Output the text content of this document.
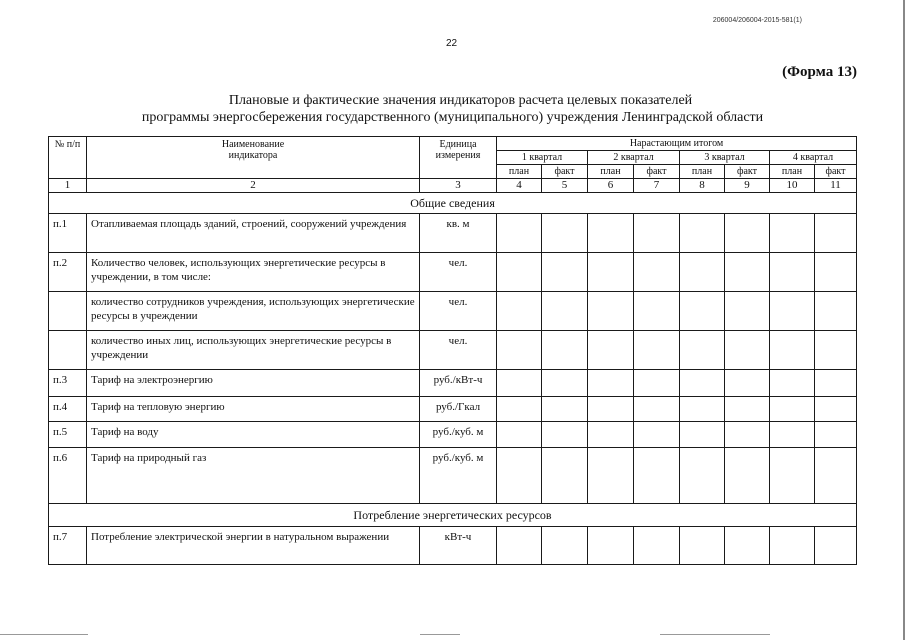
206004/206004-2015-581(1)
22
(Форма 13)
Плановые и фактические значения индикаторов расчета целевых показателей
программы энергосбережения государственного (муниципального) учреждения Ленинградской области
№ п/п	Наименование индикатора	Единица измерения	Нарастающим итогом							
			1 квартал		2 квартал		3 квартал		4 квартал	
			план	факт	план	факт	план	факт	план	факт
1	2	3	4	5	6	7	8	9	10	11
Общие сведения										
п.1	Отапливаемая площадь зданий, строений, сооружений учреждения	кв. м								
п.2	Количество человек, использующих энергетические ресурсы в учреждении, в том числе:	чел.								
	количество сотрудников учреждения, использующих энергетические ресурсы в учреждении	чел.								
	количество иных лиц, использующих энергетические ресурсы в учреждении	чел.								
п.3	Тариф на электроэнергию	руб./кВт-ч								
п.4	Тариф на тепловую энергию	руб./Гкал								
п.5	Тариф на воду	руб./куб. м								
п.6	Тариф на природный газ	руб./куб. м								
Потребление энергетических ресурсов										
п.7	Потребление электрической энергии в натуральном выражении	кВт-ч								
